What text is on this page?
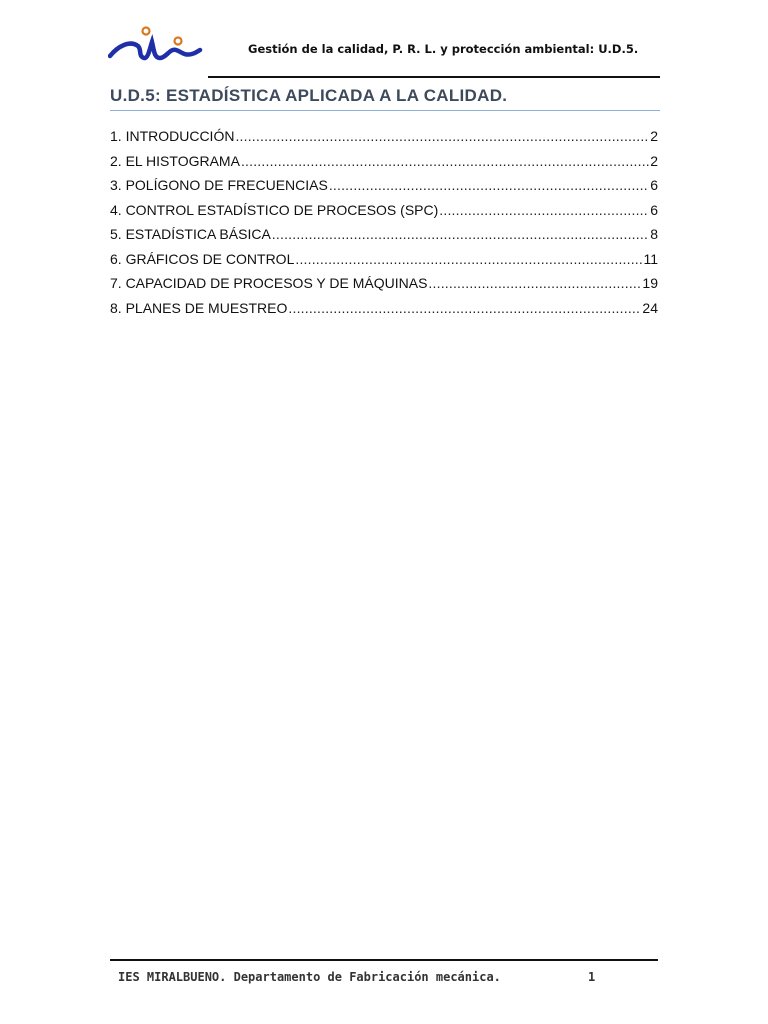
Gestión de la calidad, P. R. L. y protección ambiental: U.D.5.
U.D.5: ESTADÍSTICA APLICADA A LA CALIDAD.
1. INTRODUCCIÓN .....	2
2. EL HISTOGRAMA .....	2
3. POLÍGONO DE FRECUENCIAS .....	6
4. CONTROL ESTADÍSTICO DE PROCESOS (SPC) .....	6
5. ESTADÍSTICA BÁSICA .....	8
6. GRÁFICOS DE CONTROL .....	11
7. CAPACIDAD DE PROCESOS Y DE MÁQUINAS .....	19
8. PLANES DE MUESTREO .....	24
IES MIRALBUENO. Departamento de Fabricación mecánica.	1
